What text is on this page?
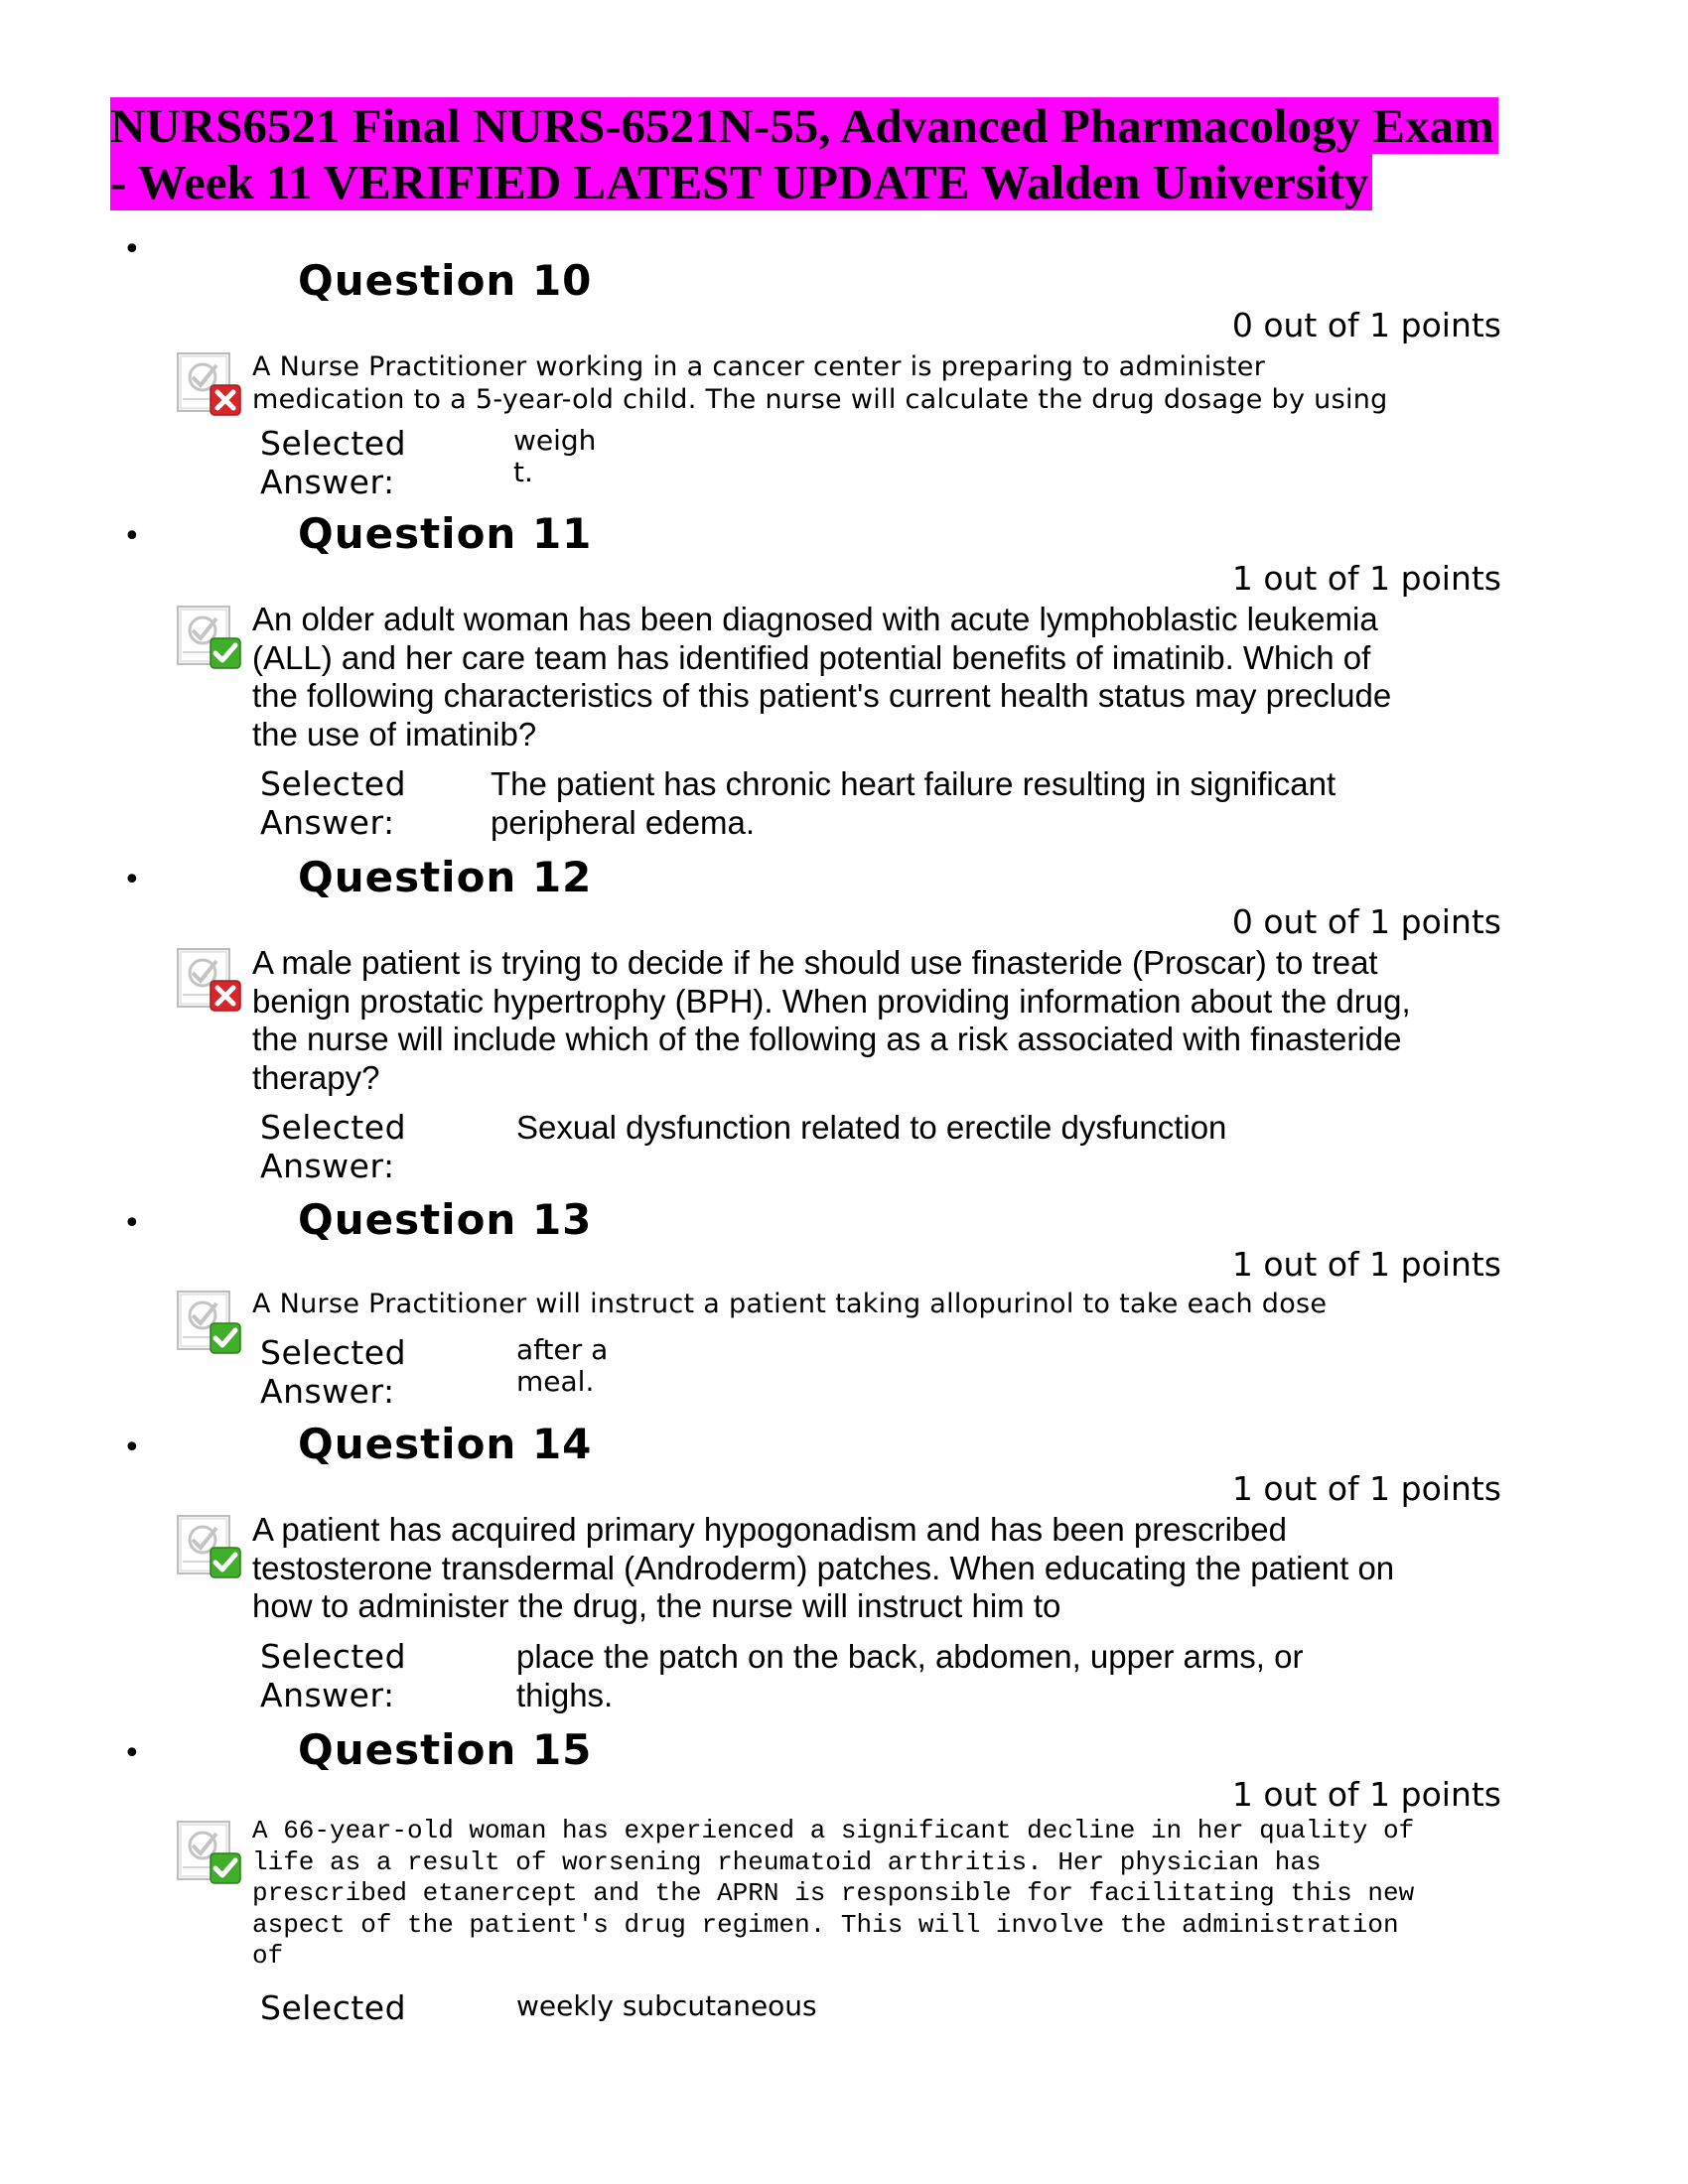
NURS6521 Final NURS-6521N-55, Advanced Pharmacology Exam
- Week 11 VERIFIED LATEST UPDATE Walden University
•
Question 10
0 out of 1 points
A Nurse Practitioner working in a cancer center is preparing to administer medication to a 5-year-old child. The nurse will calculate the drug dosage by using
Selected
Answer:
weigh
t.
•	Question 11
1 out of 1 points
An older adult woman has been diagnosed with acute lymphoblastic leukemia (ALL) and her care team has identified potential benefits of imatinib. Which of the following characteristics of this patient's current health status may preclude the use of imatinib?
Selected
Answer:
The patient has chronic heart failure resulting in significant peripheral edema.
•	Question 12
0 out of 1 points
A male patient is trying to decide if he should use finasteride (Proscar) to treat benign prostatic hypertrophy (BPH). When providing information about the drug, the nurse will include which of the following as a risk associated with finasteride therapy?
Selected
Answer:
Sexual dysfunction related to erectile dysfunction
•	Question 13
1 out of 1 points
A Nurse Practitioner will instruct a patient taking allopurinol to take each dose
Selected
Answer:
after a
meal.
•	Question 14
1 out of 1 points
A patient has acquired primary hypogonadism and has been prescribed testosterone transdermal (Androderm) patches. When educating the patient on how to administer the drug, the nurse will instruct him to
Selected
Answer:
place the patch on the back, abdomen, upper arms, or thighs.
•	Question 15
1 out of 1 points
A 66-year-old woman has experienced a significant decline in her quality of life as a result of worsening rheumatoid arthritis. Her physician has prescribed etanercept and the APRN is responsible for facilitating this new aspect of the patient's drug regimen. This will involve the administration of
Selected	weekly subcutaneous
